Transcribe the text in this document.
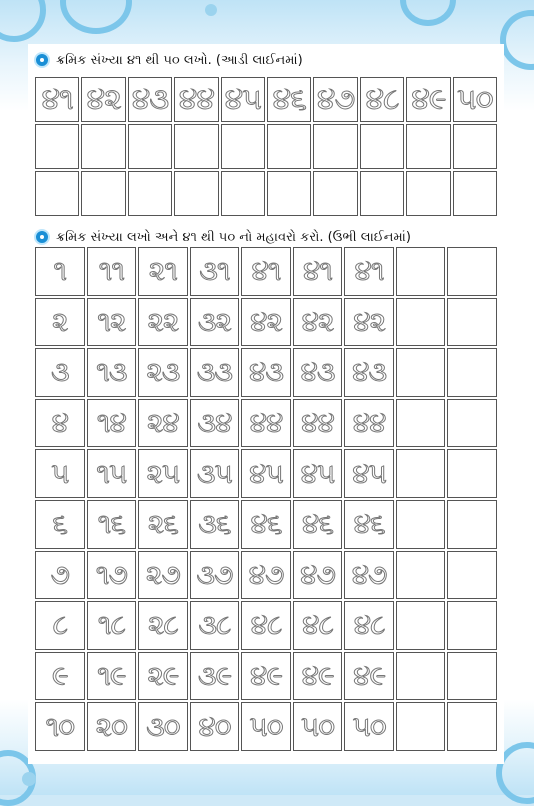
ક્રમિક સંખ્યા ૪૧ થી ૫૦ લખો. (આડી લાઈનમાં)
૪૧ ૪૨ ૪૩ ૪૪ ૪૫ ૪૬ ૪૭ ૪૮ ૪૯ ૫૦
ક્રમિક સંખ્યા લખો અને ૪૧ થી ૫૦ નો મહાવરો કરો. (ઉભી લાઈનમાં)
૧ ૧૧ ૨૧ ૩૧ ૪૧ ૪૧ ૪૧
૨ ૧૨ ૨૨ ૩૨ ૪૨ ૪૨ ૪૨
૩ ૧૩ ૨૩ ૩૩ ૪૩ ૪૩ ૪૩
૪ ૧૪ ૨૪ ૩૪ ૪૪ ૪૪ ૪૪
૫ ૧૫ ૨૫ ૩૫ ૪૫ ૪૫ ૪૫
૬ ૧૬ ૨૬ ૩૬ ૪૬ ૪૬ ૪૬
૭ ૧૭ ૨૭ ૩૭ ૪૭ ૪૭ ૪૭
૮ ૧૮ ૨૮ ૩૮ ૪૮ ૪૮ ૪૮
૯ ૧૯ ૨૯ ૩૯ ૪૯ ૪૯ ૪૯
૧૦ ૨૦ ૩૦ ૪૦ ૫૦ ૫૦ ૫૦
